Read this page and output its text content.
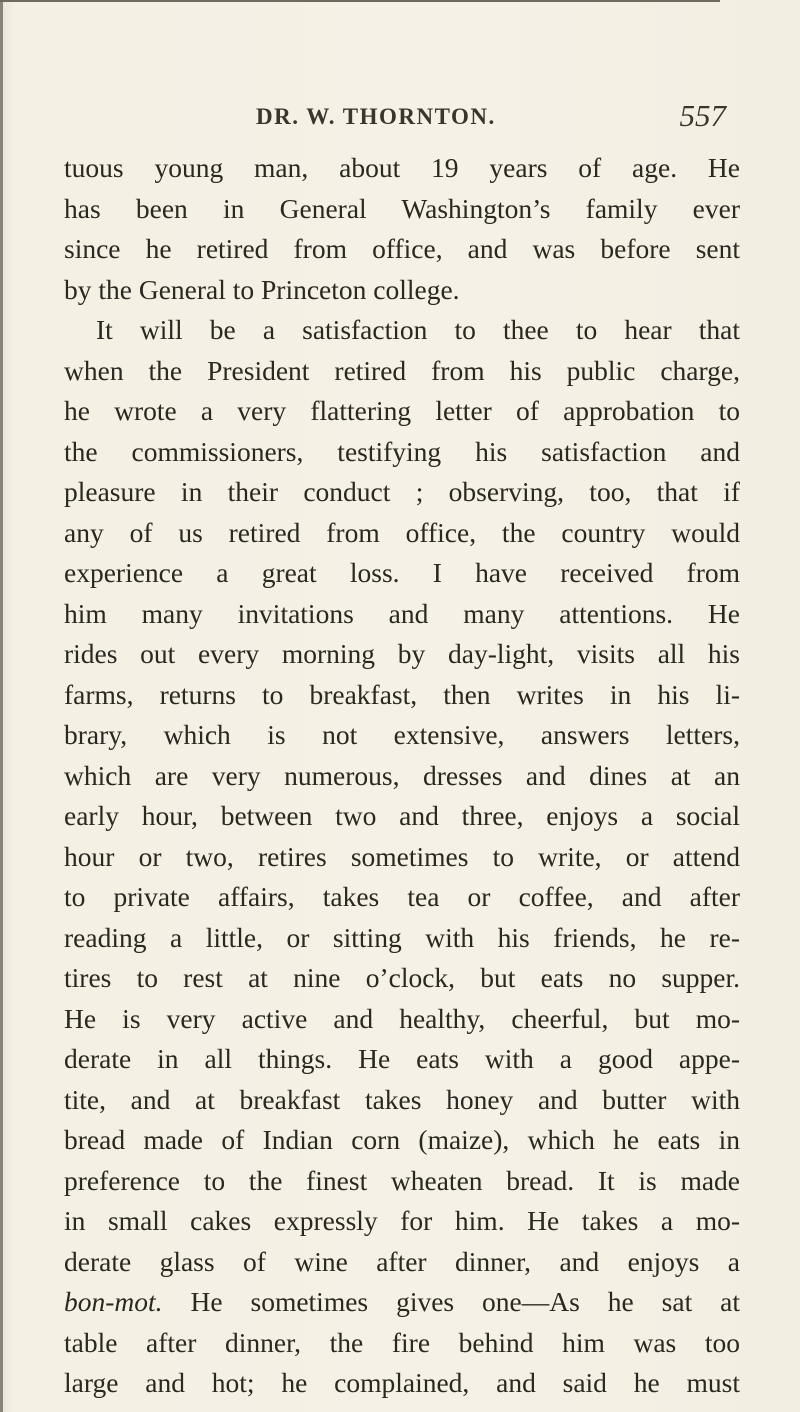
DR. W. THORNTON.	557
tuous young man, about 19 years of age. He
has been in General Washington’s family ever
since he retired from office, and was before sent
by the General to Princeton college.
It will be a satisfaction to thee to hear that
when the President retired from his public charge,
he wrote a very flattering letter of approbation to
the commissioners, testifying his satisfaction and
pleasure in their conduct ; observing, too, that if
any of us retired from office, the country would
experience a great loss. I have received from
him many invitations and many attentions. He
rides out every morning by day-light, visits all his
farms, returns to breakfast, then writes in his li-
brary, which is not extensive, answers letters,
which are very numerous, dresses and dines at an
early hour, between two and three, enjoys a social
hour or two, retires sometimes to write, or attend
to private affairs, takes tea or coffee, and after
reading a little, or sitting with his friends, he re-
tires to rest at nine o’clock, but eats no supper.
He is very active and healthy, cheerful, but mo-
derate in all things. He eats with a good appe-
tite, and at breakfast takes honey and butter with
bread made of Indian corn (maize), which he eats in
preference to the finest wheaten bread. It is made
in small cakes expressly for him. He takes a mo-
derate glass of wine after dinner, and enjoys a
bon-mot. He sometimes gives one—As he sat at
table after dinner, the fire behind him was too
large and hot; he complained, and said he must
